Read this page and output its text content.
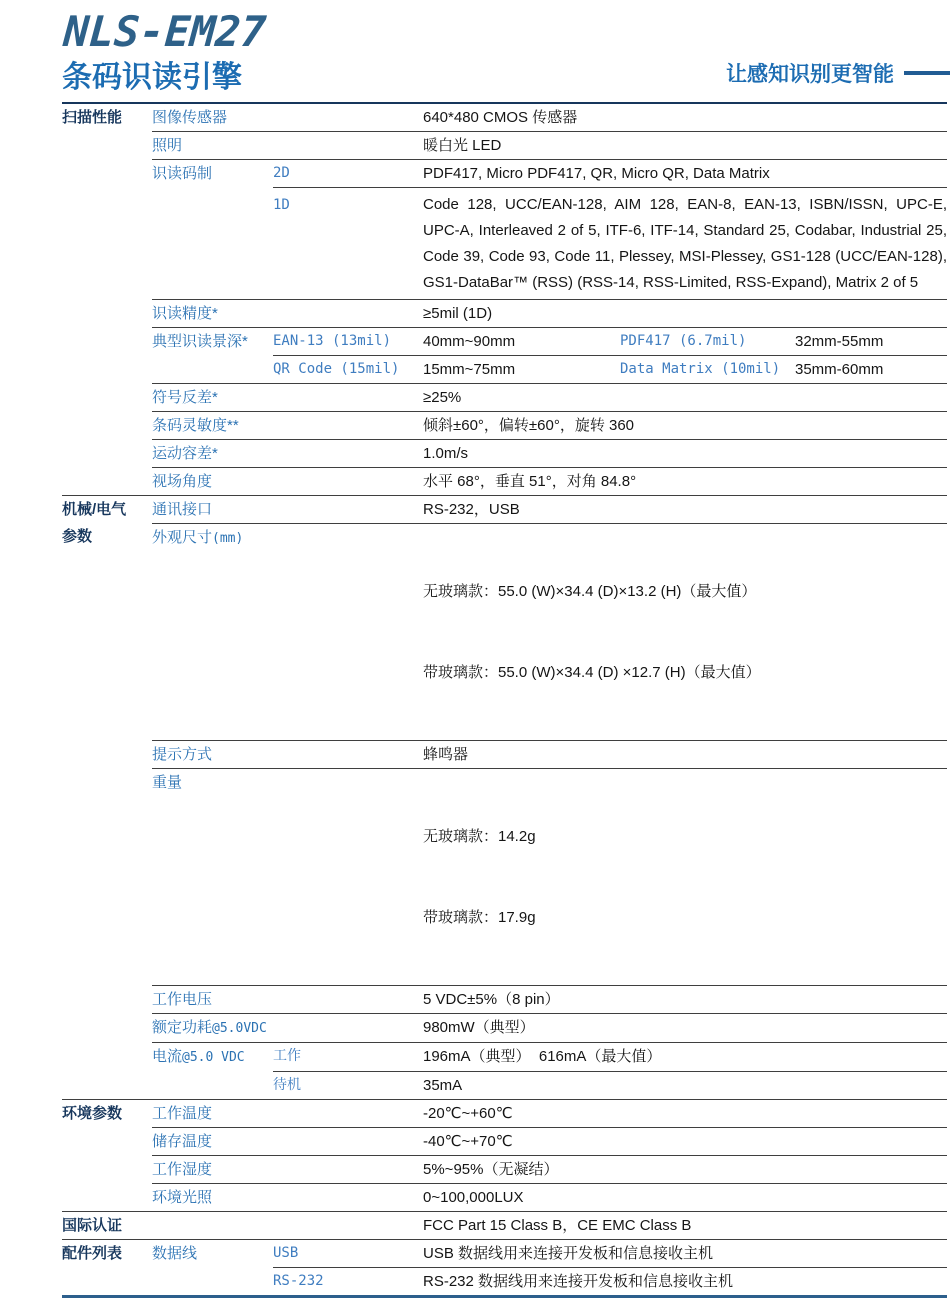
NLS-EM27
条码识读引擎	让感知识别更智能
扫描性能	图像传感器	640*480 CMOS 传感器
照明	暖白光 LED
识读码制	2D	PDF417, Micro PDF417, QR, Micro QR, Data Matrix
1D	Code 128, UCC/EAN-128, AIM 128, EAN-8, EAN-13, ISBN/ISSN, UPC-E, UPC-A, Interleaved 2 of 5, ITF-6, ITF-14, Standard 25, Codabar, Industrial 25, Code 39, Code 93, Code 11, Plessey, MSI-Plessey, GS1-128 (UCC/EAN-128), GS1-DataBar™ (RSS) (RSS-14, RSS-Limited, RSS-Expand), Matrix 2 of 5
识读精度*	≥5mil (1D)
典型识读景深*	EAN-13 (13mil)	40mm~90mm	PDF417 (6.7mil)	32mm-55mm
QR Code (15mil)	15mm~75mm	Data Matrix (10mil) 35mm-60mm
符号反差*	≥25%
条码灵敏度**	倾斜±60°，偏转±60°，旋转 360
运动容差*	1.0m/s
视场角度	水平 68°，垂直 51°，对角 84.8°
机械/电气
参数
通讯接口	RS-232，USB
外观尺寸(mm)

无玻璃款：55.0 (W)×34.4 (D)×13.2 (H)（最大值）

带玻璃款：55.0 (W)×34.4 (D) ×12.7 (H)（最大值）

提示方式	蜂鸣器
重量

无玻璃款：14.2g

带玻璃款：17.9g

工作电压	5 VDC±5%（8 pin）
额定功耗@5.0VDC	980mW（典型）
电流@5.0 VDC	工作	196mA（典型）  616mA（最大值）
待机	35mA
环境参数	工作温度	-20℃~+60℃
储存温度	-40℃~+70℃
工作湿度	5%~95%（无凝结）
环境光照	0~100,000LUX
国际认证	FCC Part 15 Class B，CE EMC Class B
配件列表	数据线	USB	USB 数据线用来连接开发板和信息接收主机
RS-232	RS-232 数据线用来连接开发板和信息接收主机
